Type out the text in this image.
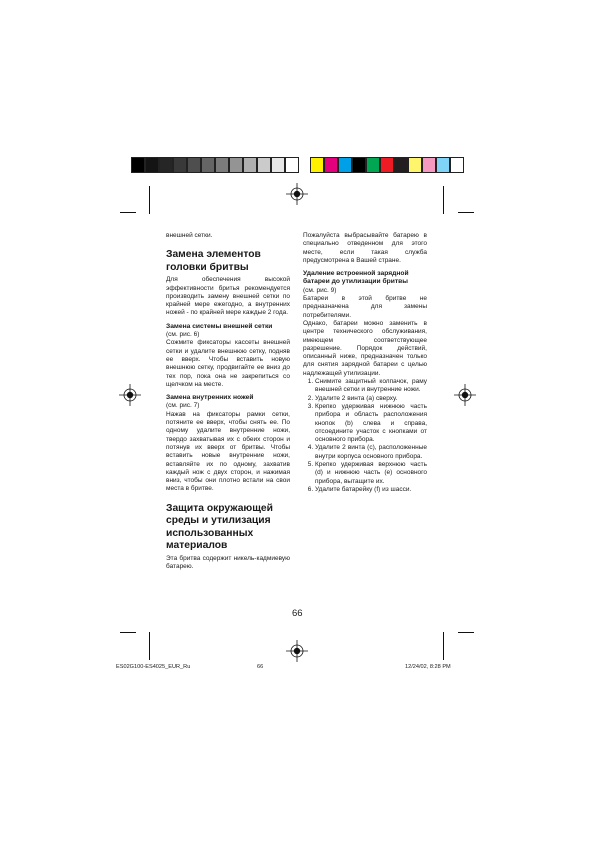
внешней сетки.

Замена элементов головки бритвы

Для обеспечения высокой эффективности бритья рекомендуется производить замену внешней сетки по крайней мере ежегодно, а внутренних ножей - по крайней мере каждые 2 года.

Замена системы внешней сетки

(см. рис. 6)

Сожмите фиксаторы кассеты внешней сетки и удалите внешнюю сетку, подняв ее вверх. Чтобы вставить новую внешнюю сетку, продвигайте ее вниз до тех пор, пока она не закрепиться со щелчком на месте.

Замена внутренних ножей

(см. рис. 7)

Нажав на фиксаторы рамки сетки, потяните ее вверх, чтобы снять ее. По одному удалите внутренние ножи, твердо захватывая их с обеих сторон и потянув их вверх от бритвы. Чтобы вставить новые внутренние ножи, вставляйте их по одному, захватив каждый нож с двух сторон, и нажимая вниз, чтобы они плотно встали на свои места в бритве.

Защита окружающей среды и утилизация использованных материалов

Эта бритва содержит никель-кадмиевую батарею.

Пожалуйста выбрасывайте батарею в специально отведенном для этого месте, если такая служба предусмотрена в Вашей стране.

Удаление встроенной зарядной батареи до утилизации бритвы

(см. рис. 9)

Батареи в этой бритве не предназначена для замены потребителями.

Однако, батареи можно заменить в центре технического обслуживания, имеющем соответствующее разрешение. Порядок действий, описанный ниже, предназначен только для снятия зарядной батареи с целью надлежащей утилизации.

1. Снимите защитный колпачок, раму внешней сетки и внутренние ножи.
2. Удалите 2 винта (a) сверху.
3. Крепко удерживая нижнюю часть прибора и область расположения кнопок (b) слева и справа, отсоедините участок с кнопками от основного прибора.
4. Удалите 2 винта (c), расположенные внутри корпуса основного прибора.
5. Крепко удерживая верхнюю часть (d) и нижнюю часть (e) основного прибора, вытащите их.
6. Удалите батарейку (f) из шасси.
66
ES02G100-ES4025_EUR_Ru	66	12/24/02, 8:28 PM
